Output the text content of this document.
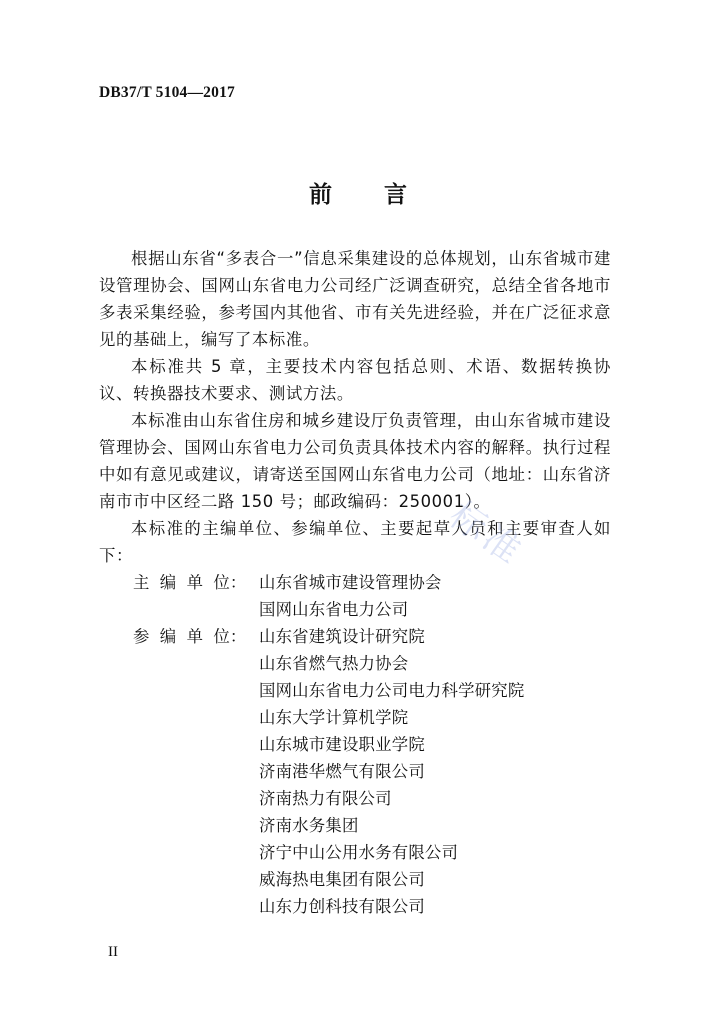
DB37/T 5104—2017
前 言

根据山东省“多表合一”信息采集建设的总体规划，山东省城市建设管理协会、国网山东省电力公司经广泛调查研究，总结全省各地市多表采集经验，参考国内其他省、市有关先进经验，并在广泛征求意见的基础上，编写了本标准。

本标准共 5 章，主要技术内容包括总则、术语、数据转换协议、转换器技术要求、测试方法。

本标准由山东省住房和城乡建设厅负责管理，由山东省城市建设管理协会、国网山东省电力公司负责具体技术内容的解释。执行过程中如有意见或建议，请寄送至国网山东省电力公司（地址：山东省济南市市中区经二路 150 号；邮政编码：250001）。

本标准的主编单位、参编单位、主要起草人员和主要审查人如下：

主  编  单  位： 山东省城市建设管理协会
国网山东省电力公司
参  编  单  位： 山东省建筑设计研究院
山东省燃气热力协会
国网山东省电力公司电力科学研究院
山东大学计算机学院
山东城市建设职业学院
济南港华燃气有限公司
济南热力有限公司
济南水务集团
济宁中山公用水务有限公司
威海热电集团有限公司
山东力创科技有限公司
标准
II
